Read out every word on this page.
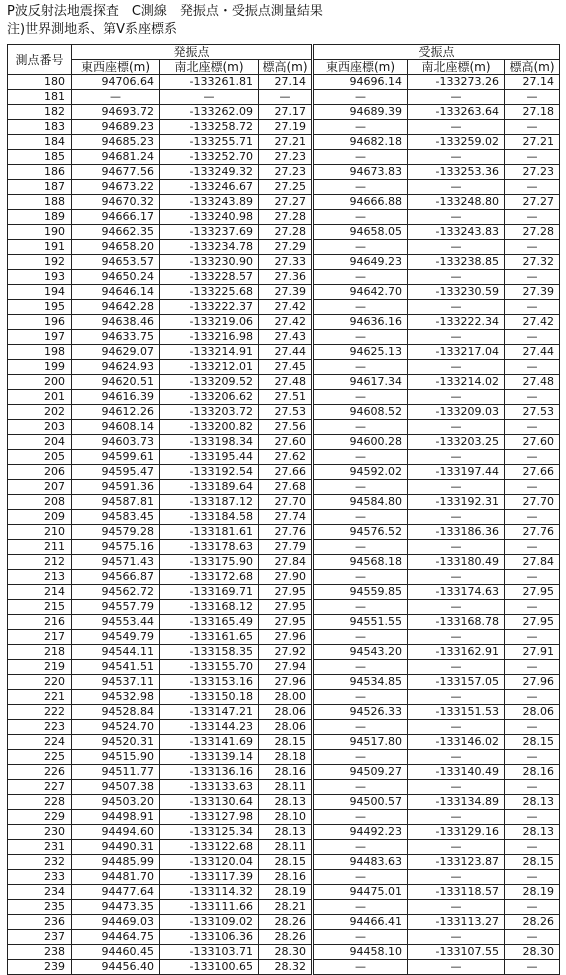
P波反射法地震探査　C測線　発振点・受振点測量結果
注)世界測地系、第Ⅴ系座標系
測点番号	発振点			受振点		
	東西座標(m)	南北座標(m)	標高(m)	東西座標(m)	南北座標(m)	標高(m)
180	94706.64	-133261.81	27.14	94696.14	-133273.26	27.14
181	—	—	—	—	—	—
182	94693.72	-133262.09	27.17	94689.39	-133263.64	27.18
183	94689.23	-133258.72	27.19	—	—	—
184	94685.23	-133255.71	27.21	94682.18	-133259.02	27.21
185	94681.24	-133252.70	27.23	—	—	—
186	94677.56	-133249.32	27.23	94673.83	-133253.36	27.23
187	94673.22	-133246.67	27.25	—	—	—
188	94670.32	-133243.89	27.27	94666.88	-133248.80	27.27
189	94666.17	-133240.98	27.28	—	—	—
190	94662.35	-133237.69	27.28	94658.05	-133243.83	27.28
191	94658.20	-133234.78	27.29	—	—	—
192	94653.57	-133230.90	27.33	94649.23	-133238.85	27.32
193	94650.24	-133228.57	27.36	—	—	—
194	94646.14	-133225.68	27.39	94642.70	-133230.59	27.39
195	94642.28	-133222.37	27.42	—	—	—
196	94638.46	-133219.06	27.42	94636.16	-133222.34	27.42
197	94633.75	-133216.98	27.43	—	—	—
198	94629.07	-133214.91	27.44	94625.13	-133217.04	27.44
199	94624.93	-133212.01	27.45	—	—	—
200	94620.51	-133209.52	27.48	94617.34	-133214.02	27.48
201	94616.39	-133206.62	27.51	—	—	—
202	94612.26	-133203.72	27.53	94608.52	-133209.03	27.53
203	94608.14	-133200.82	27.56	—	—	—
204	94603.73	-133198.34	27.60	94600.28	-133203.25	27.60
205	94599.61	-133195.44	27.62	—	—	—
206	94595.47	-133192.54	27.66	94592.02	-133197.44	27.66
207	94591.36	-133189.64	27.68	—	—	—
208	94587.81	-133187.12	27.70	94584.80	-133192.31	27.70
209	94583.45	-133184.58	27.74	—	—	—
210	94579.28	-133181.61	27.76	94576.52	-133186.36	27.76
211	94575.16	-133178.63	27.79	—	—	—
212	94571.43	-133175.90	27.84	94568.18	-133180.49	27.84
213	94566.87	-133172.68	27.90	—	—	—
214	94562.72	-133169.71	27.95	94559.85	-133174.63	27.95
215	94557.79	-133168.12	27.95	—	—	—
216	94553.44	-133165.49	27.95	94551.55	-133168.78	27.95
217	94549.79	-133161.65	27.96	—	—	—
218	94544.11	-133158.35	27.92	94543.20	-133162.91	27.91
219	94541.51	-133155.70	27.94	—	—	—
220	94537.11	-133153.16	27.96	94534.85	-133157.05	27.96
221	94532.98	-133150.18	28.00	—	—	—
222	94528.84	-133147.21	28.06	94526.33	-133151.53	28.06
223	94524.70	-133144.23	28.06	—	—	—
224	94520.31	-133141.69	28.15	94517.80	-133146.02	28.15
225	94515.90	-133139.14	28.18	—	—	—
226	94511.77	-133136.16	28.16	94509.27	-133140.49	28.16
227	94507.38	-133133.63	28.11	—	—	—
228	94503.20	-133130.64	28.13	94500.57	-133134.89	28.13
229	94498.91	-133127.98	28.10	—	—	—
230	94494.60	-133125.34	28.13	94492.23	-133129.16	28.13
231	94490.31	-133122.68	28.11	—	—	—
232	94485.99	-133120.04	28.15	94483.63	-133123.87	28.15
233	94481.70	-133117.39	28.16	—	—	—
234	94477.64	-133114.32	28.19	94475.01	-133118.57	28.19
235	94473.35	-133111.66	28.21	—	—	—
236	94469.03	-133109.02	28.26	94466.41	-133113.27	28.26
237	94464.75	-133106.36	28.26	—	—	—
238	94460.45	-133103.71	28.30	94458.10	-133107.55	28.30
239	94456.40	-133100.65	28.32	—	—	—
